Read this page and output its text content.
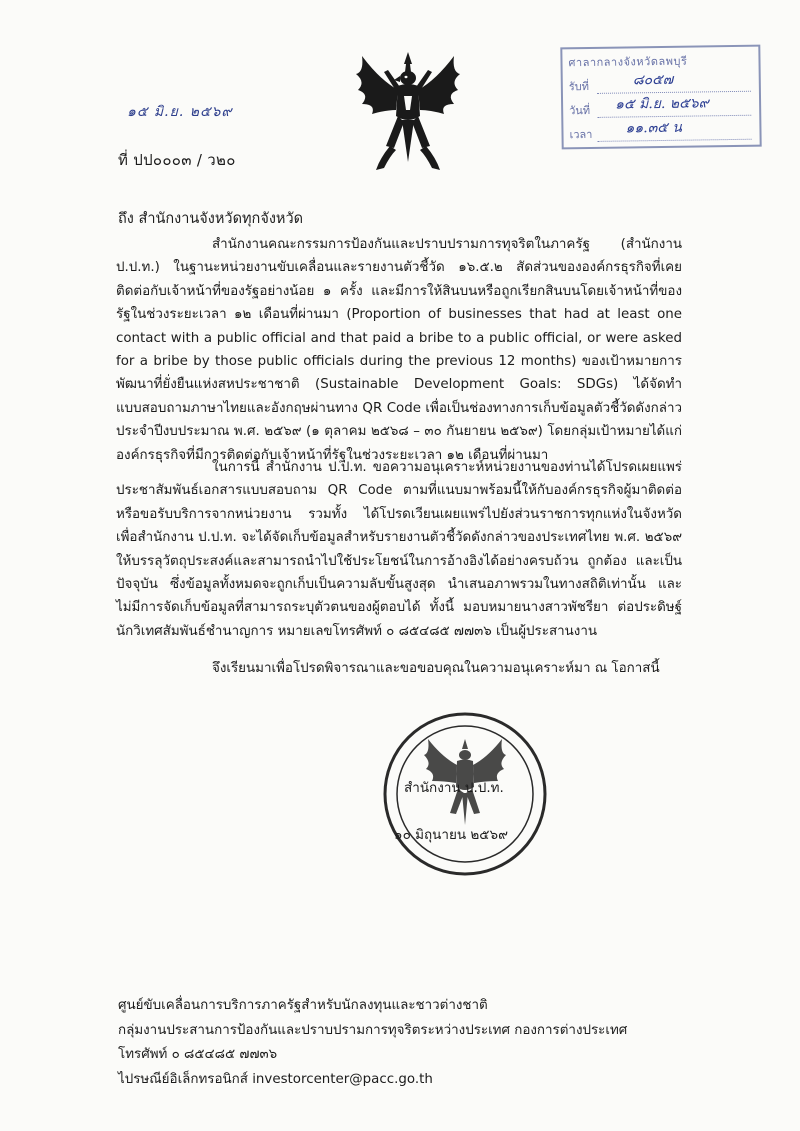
๑๕ มิ.ย. ๒๕๖๙
ศาลากลางจังหวัดลพบุรี
รับที่	๘๐๕๗
วันที่ ๑๕ มิ.ย. ๒๕๖๙
เวลา ๑๑.๓๕ น
ที่ ปป๐๐๐๓ / ว๒๐
ถึง สำนักงานจังหวัดทุกจังหวัด
สำนักงานคณะกรรมการป้องกันและปราบปรามการทุจริตในภาครัฐ (สำนักงาน ป.ป.ท.) ในฐานะหน่วยงานขับเคลื่อนและรายงานตัวชี้วัด ๑๖.๕.๒ สัดส่วนขององค์กรธุรกิจที่เคยติดต่อกับเจ้าหน้าที่ของรัฐอย่างน้อย ๑ ครั้ง และมีการให้สินบนหรือถูกเรียกสินบนโดยเจ้าหน้าที่ของรัฐในช่วงระยะเวลา ๑๒ เดือนที่ผ่านมา (Proportion of businesses that had at least one contact with a public official and that paid a bribe to a public official, or were asked for a bribe by those public officials during the previous 12 months) ของเป้าหมายการพัฒนาที่ยั่งยืนแห่งสหประชาชาติ (Sustainable Development Goals: SDGs) ได้จัดทำแบบสอบถามภาษาไทยและอังกฤษผ่านทาง QR Code เพื่อเป็นช่องทางการเก็บข้อมูลตัวชี้วัดดังกล่าวประจำปีงบประมาณ พ.ศ. ๒๕๖๙ (๑ ตุลาคม ๒๕๖๘ – ๓๐ กันยายน ๒๕๖๙) โดยกลุ่มเป้าหมายได้แก่องค์กรธุรกิจที่มีการติดต่อกับเจ้าหน้าที่รัฐในช่วงระยะเวลา ๑๒ เดือนที่ผ่านมา
ในการนี้ สำนักงาน ป.ป.ท. ขอความอนุเคราะห์หน่วยงานของท่านได้โปรดเผยแพร่ประชาสัมพันธ์เอกสารแบบสอบถาม QR Code ตามที่แนบมาพร้อมนี้ให้กับองค์กรธุรกิจผู้มาติดต่อหรือขอรับบริการจากหน่วยงาน รวมทั้ง ได้โปรดเวียนเผยแพร่ไปยังส่วนราชการทุกแห่งในจังหวัด เพื่อสำนักงาน ป.ป.ท. จะได้จัดเก็บข้อมูลสำหรับรายงานตัวชี้วัดดังกล่าวของประเทศไทย พ.ศ. ๒๕๖๙ ให้บรรลุวัตถุประสงค์และสามารถนำไปใช้ประโยชน์ในการอ้างอิงได้อย่างครบถ้วน ถูกต้อง และเป็นปัจจุบัน ซึ่งข้อมูลทั้งหมดจะถูกเก็บเป็นความลับขั้นสูงสุด นำเสนอภาพรวมในทางสถิติเท่านั้น และไม่มีการจัดเก็บข้อมูลที่สามารถระบุตัวตนของผู้ตอบได้ ทั้งนี้ มอบหมายนางสาวพัชรียา ต่อประดิษฐ์ นักวิเทศสัมพันธ์ชำนาญการ หมายเลขโทรศัพท์ ๐ ๘๕๔๘๕ ๗๗๓๖ เป็นผู้ประสานงาน
จึงเรียนมาเพื่อโปรดพิจารณาและขอขอบคุณในความอนุเคราะห์มา ณ โอกาสนี้
สำนักงาน ป.ป.ท.
๑๐ มิถุนายน ๒๕๖๙
ศูนย์ขับเคลื่อนการบริการภาครัฐสำหรับนักลงทุนและชาวต่างชาติ
กลุ่มงานประสานการป้องกันและปราบปรามการทุจริตระหว่างประเทศ กองการต่างประเทศ
โทรศัพท์ ๐ ๘๕๔๘๕ ๗๗๓๖
ไปรษณีย์อิเล็กทรอนิกส์ investorcenter@pacc.go.th
